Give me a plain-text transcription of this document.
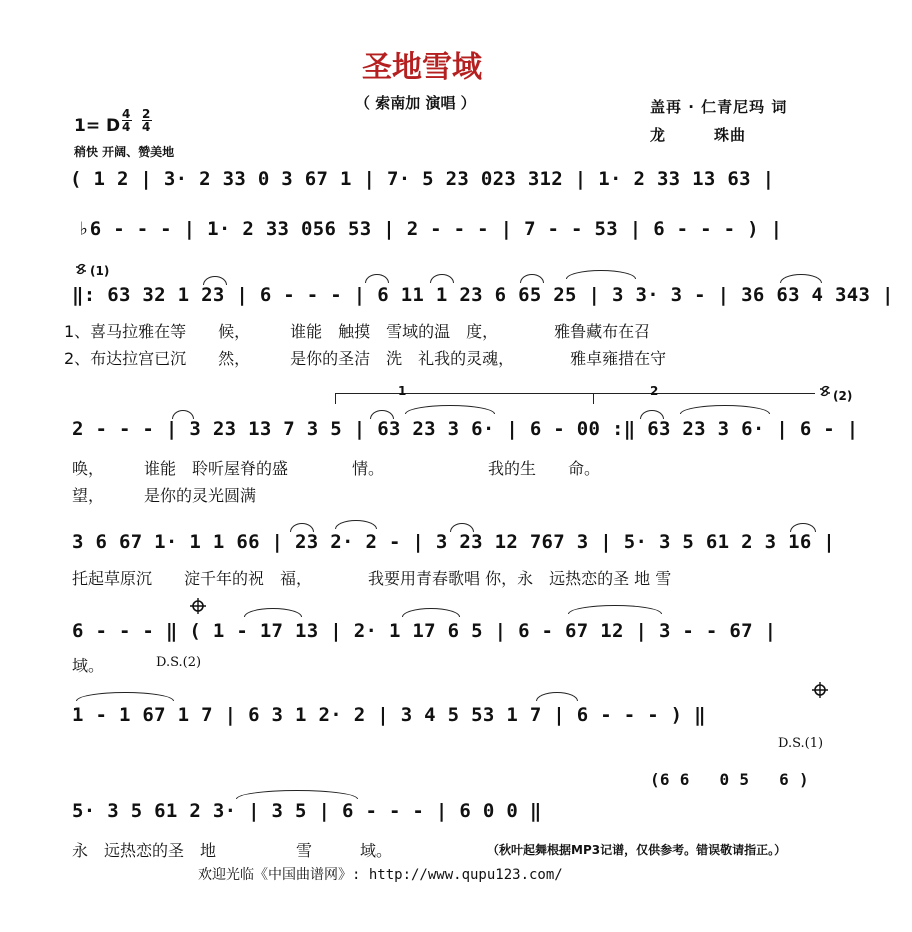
圣地雪域
（ 索南加 演唱 ）	盖再 · 仁青尼玛 词
龙　　　珠曲
1= D

4

4

2

4

稍快 开阔、赞美地
( 1 2 | 3· 2 33 0 3 67 1 | 7· 5 23 023 312 | 1· 2 33 13 63 |
♭6 - - - | 1· 2 33 056 53 | 2 - - - | 7 - - 53 | 6 - - - ) |
(1)
‖: 63 32 1 23 | 6 - - - | 6 11 1 23 6 65 25 | 3 3· 3 - | 36 63 4 343 |
1、喜马拉雅在等　　候，　　　谁能　触摸　雪域的温　度，　　　　雅鲁藏布在召
2、布达拉宫已沉　　然，　　　是你的圣洁　洗　礼我的灵魂，　　　　雅卓雍措在守
1	2	(2)
2 - - - | 3 23 13 7 3 5 | 63 23 3 6· | 6 - 00 :‖ 63 23 3 6· | 6 - |
唤，　　　谁能　聆听屋脊的盛　　　　情。　　　　　　　我的生　　命。
望，　　　是你的灵光圆满
3 6 67 1· 1 1 66 | 23 2· 2 - | 3 23 12 767 3 | 5· 3 5 61 2 3 16 |
托起草原沉　　淀千年的祝　福，　　　　我要用青春歌唱 你，永　远热恋的圣 地 雪
6 - - - ‖ ( 1 - 17 13 | 2· 1 17 6 5 | 6 - 67 12 | 3 - - 67 |
域。	D.S.(2)
1 - 1 67 1 7 | 6 3 1 2· 2 | 3 4 5 53 1 7 | 6 - - - ) ‖
D.S.(1)
(6 6   0 5   6 )
5· 3 5 61 2 3· | 3 5 | 6 - - - | 6 0 0 ‖
永　远热恋的圣　地　　　　　雪　　　域。	（秋叶起舞根据MP3记谱，仅供参考。错误敬请指正。）
欢迎光临《中国曲谱网》: http://www.qupu123.com/
